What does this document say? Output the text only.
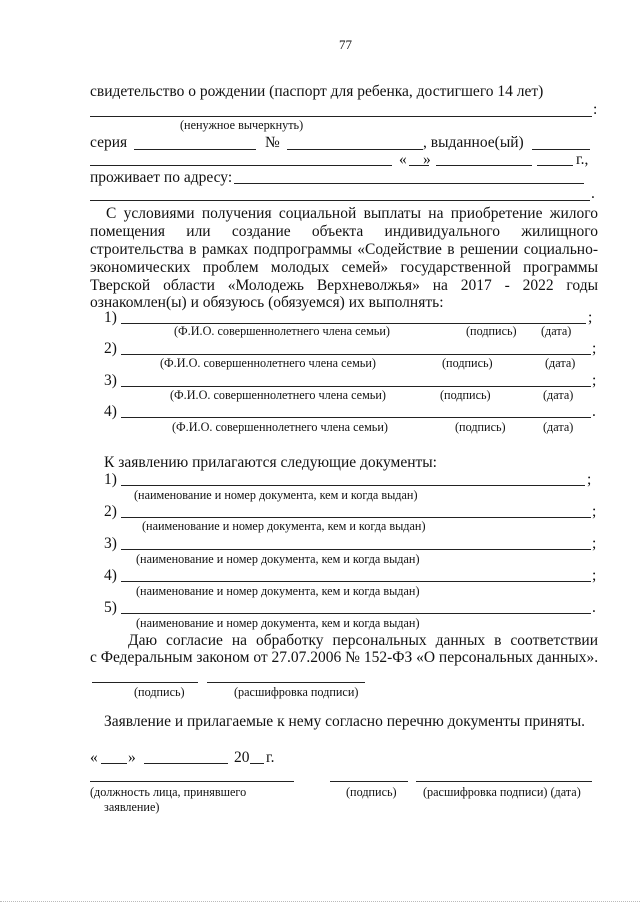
77
свидетельство о рождении (паспорт для ребенка, достигшего 14 лет)
:
(ненужное вычеркнуть)
серия	№	, выданное(ый)
« »	г.,
проживает по адресу:
.
С условиями получения социальной выплаты на приобретение жилого
помещения или создание объекта индивидуального жилищного
строительства в рамках подпрограммы «Содействие в решении социально-
экономических проблем молодых семей» государственной программы
Тверской области «Молодежь Верхневолжья» на 2017 - 2022 годы
ознакомлен(ы) и обязуюсь (обязуемся) их выполнять:
1)	;
(Ф.И.О. совершеннолетнего члена семьи)	(подпись) (дата)
2)	;
(Ф.И.О. совершеннолетнего члена семьи)	(подпись)	(дата)
3)	;
(Ф.И.О. совершеннолетнего члена семьи)	(подпись)	(дата)
4)	.
(Ф.И.О. совершеннолетнего члена семьи)	(подпись)	(дата)
К заявлению прилагаются следующие документы:
1)	;
(наименование и номер документа, кем и когда выдан)
2)	;
(наименование и номер документа, кем и когда выдан)
3)	;
(наименование и номер документа, кем и когда выдан)
4)	;
(наименование и номер документа, кем и когда выдан)
5)	.
(наименование и номер документа, кем и когда выдан)
Даю согласие на обработку персональных данных в соответствии
с Федеральным законом от 27.07.2006 № 152-ФЗ «О персональных данных».
(подпись)	(расшифровка подписи)
Заявление и прилагаемые к нему согласно перечню документы приняты.
« »	20 г.
(должность лица, принявшего
заявление)
(подпись) (расшифровка подписи) (дата)
